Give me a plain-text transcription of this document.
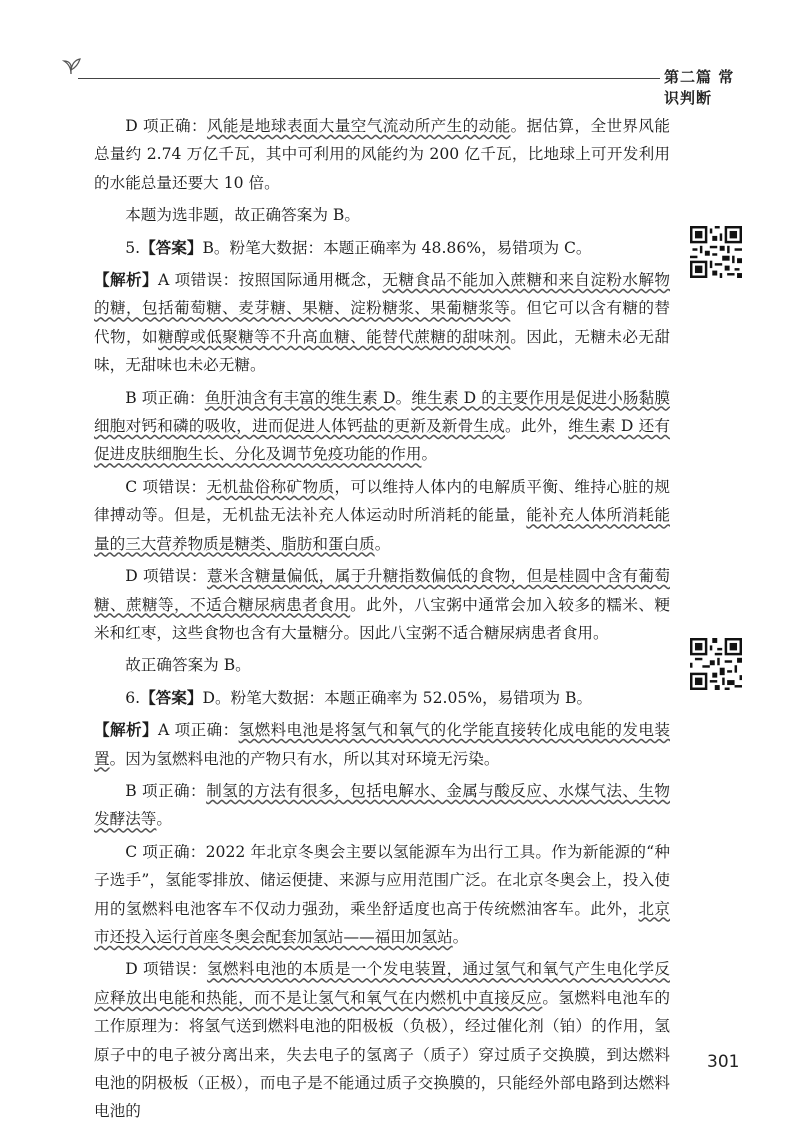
第二篇 常识判断

D 项正确：风能是地球表面大量空气流动所产生的动能。据估算，全世界风能总量约 2.74 万亿千瓦，其中可利用的风能约为 200 亿千瓦，比地球上可开发利用的水能总量还要大 10 倍。

本题为选非题，故正确答案为 B。

5.【答案】B。粉笔大数据：本题正确率为 48.86%，易错项为 C。

【解析】A 项错误：按照国际通用概念，无糖食品不能加入蔗糖和来自淀粉水解物的糖，包括葡萄糖、麦芽糖、果糖、淀粉糖浆、果葡糖浆等。但它可以含有糖的替代物，如糖醇或低聚糖等不升高血糖、能替代蔗糖的甜味剂。因此，无糖未必无甜味，无甜味也未必无糖。

B 项正确：鱼肝油含有丰富的维生素 D。维生素 D 的主要作用是促进小肠黏膜细胞对钙和磷的吸收，进而促进人体钙盐的更新及新骨生成。此外，维生素 D 还有促进皮肤细胞生长、分化及调节免疫功能的作用。

C 项错误：无机盐俗称矿物质，可以维持人体内的电解质平衡、维持心脏的规律搏动等。但是，无机盐无法补充人体运动时所消耗的能量，能补充人体所消耗能量的三大营养物质是糖类、脂肪和蛋白质。

D 项错误：薏米含糖量偏低，属于升糖指数偏低的食物，但是桂圆中含有葡萄糖、蔗糖等，不适合糖尿病患者食用。此外，八宝粥中通常会加入较多的糯米、粳米和红枣，这些食物也含有大量糖分。因此八宝粥不适合糖尿病患者食用。

故正确答案为 B。

6.【答案】D。粉笔大数据：本题正确率为 52.05%，易错项为 B。

【解析】A 项正确：氢燃料电池是将氢气和氧气的化学能直接转化成电能的发电装置。因为氢燃料电池的产物只有水，所以其对环境无污染。

B 项正确：制氢的方法有很多，包括电解水、金属与酸反应、水煤气法、生物发酵法等。

C 项正确：2022 年北京冬奥会主要以氢能源车为出行工具。作为新能源的“种子选手”，氢能零排放、储运便捷、来源与应用范围广泛。在北京冬奥会上，投入使用的氢燃料电池客车不仅动力强劲，乘坐舒适度也高于传统燃油客车。此外，北京市还投入运行首座冬奥会配套加氢站——福田加氢站。

D 项错误：氢燃料电池的本质是一个发电装置，通过氢气和氧气产生电化学反应释放出电能和热能，而不是让氢气和氧气在内燃机中直接反应。氢燃料电池车的工作原理为：将氢气送到燃料电池的阳极板（负极），经过催化剂（铂）的作用，氢原子中的电子被分离出来，失去电子的氢离子（质子）穿过质子交换膜，到达燃料电池的阴极板（正极），而电子是不能通过质子交换膜的，只能经外部电路到达燃料电池的

301
